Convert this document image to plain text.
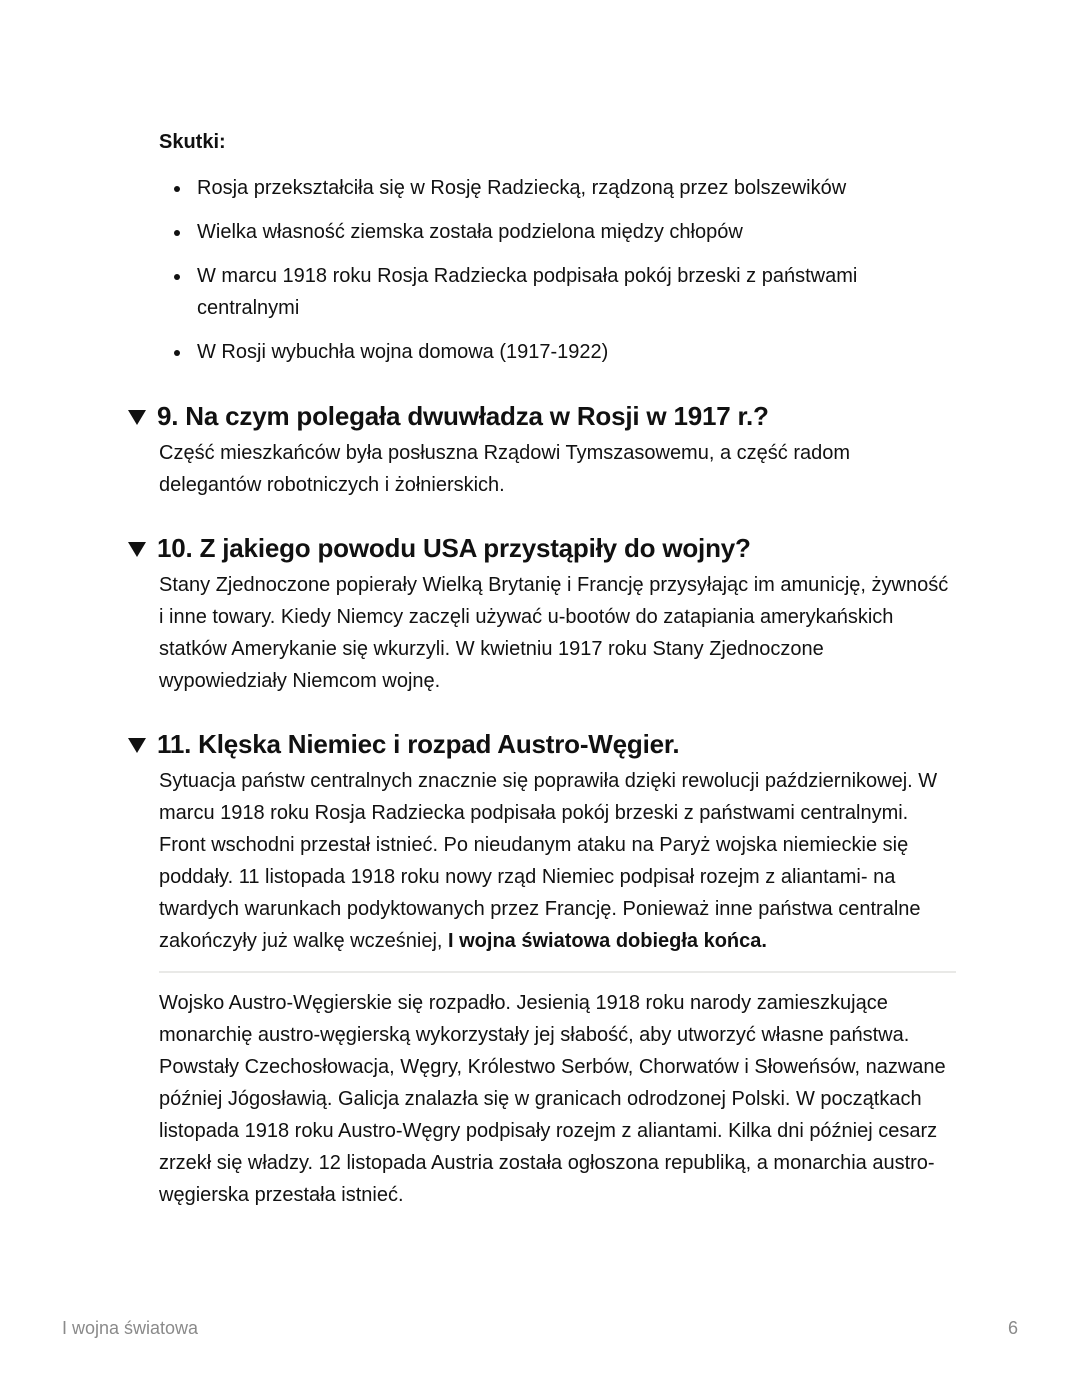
Skutki:

Rosja przekształciła się w Rosję Radziecką, rządzoną przez bolszewików
Wielka własność ziemska została podzielona między chłopów
W marcu 1918 roku Rosja Radziecka podpisała pokój brzeski z państwami centralnymi
W Rosji wybuchła wojna domowa (1917-1922)
9. Na czym polegała dwuwładza w Rosji w 1917 r.?

Część mieszkańców była posłuszna Rządowi Tymszasowemu, a część radom delegantów robotniczych i żołnierskich.

10. Z jakiego powodu USA przystąpiły do wojny?

Stany Zjednoczone popierały Wielką Brytanię i Francję przysyłając im amunicję, żywność i inne towary. Kiedy Niemcy zaczęli używać u-bootów do zatapiania amerykańskich statków Amerykanie się wkurzyli. W kwietniu 1917 roku Stany Zjednoczone wypowiedziały Niemcom wojnę.

11. Klęska Niemiec i rozpad Austro-Węgier.

Sytuacja państw centralnych znacznie się poprawiła dzięki rewolucji październikowej. W marcu 1918 roku Rosja Radziecka podpisała pokój brzeski z państwami centralnymi. Front wschodni przestał istnieć. Po nieudanym ataku na Paryż wojska niemieckie się poddały. 11 listopada 1918 roku nowy rząd Niemiec podpisał rozejm z aliantami- na twardych warunkach podyktowanych przez Francję. Ponieważ inne państwa centralne zakończyły już walkę wcześniej, I wojna światowa dobiegła końca.

Wojsko Austro-Węgierskie się rozpadło. Jesienią 1918 roku narody zamieszkujące monarchię austro-węgierską wykorzystały jej słabość, aby utworzyć własne państwa. Powstały Czechosłowacja, Węgry, Królestwo Serbów, Chorwatów i Słoweńsów, nazwane później Jógosławią. Galicja znalazła się w granicach odrodzonej Polski. W początkach listopada 1918 roku Austro-Węgry podpisały rozejm z aliantami. Kilka dni później cesarz zrzekł się władzy. 12 listopada Austria została ogłoszona republiką, a monarchia austro-węgierska przestała istnieć.

I wojna światowa	6
